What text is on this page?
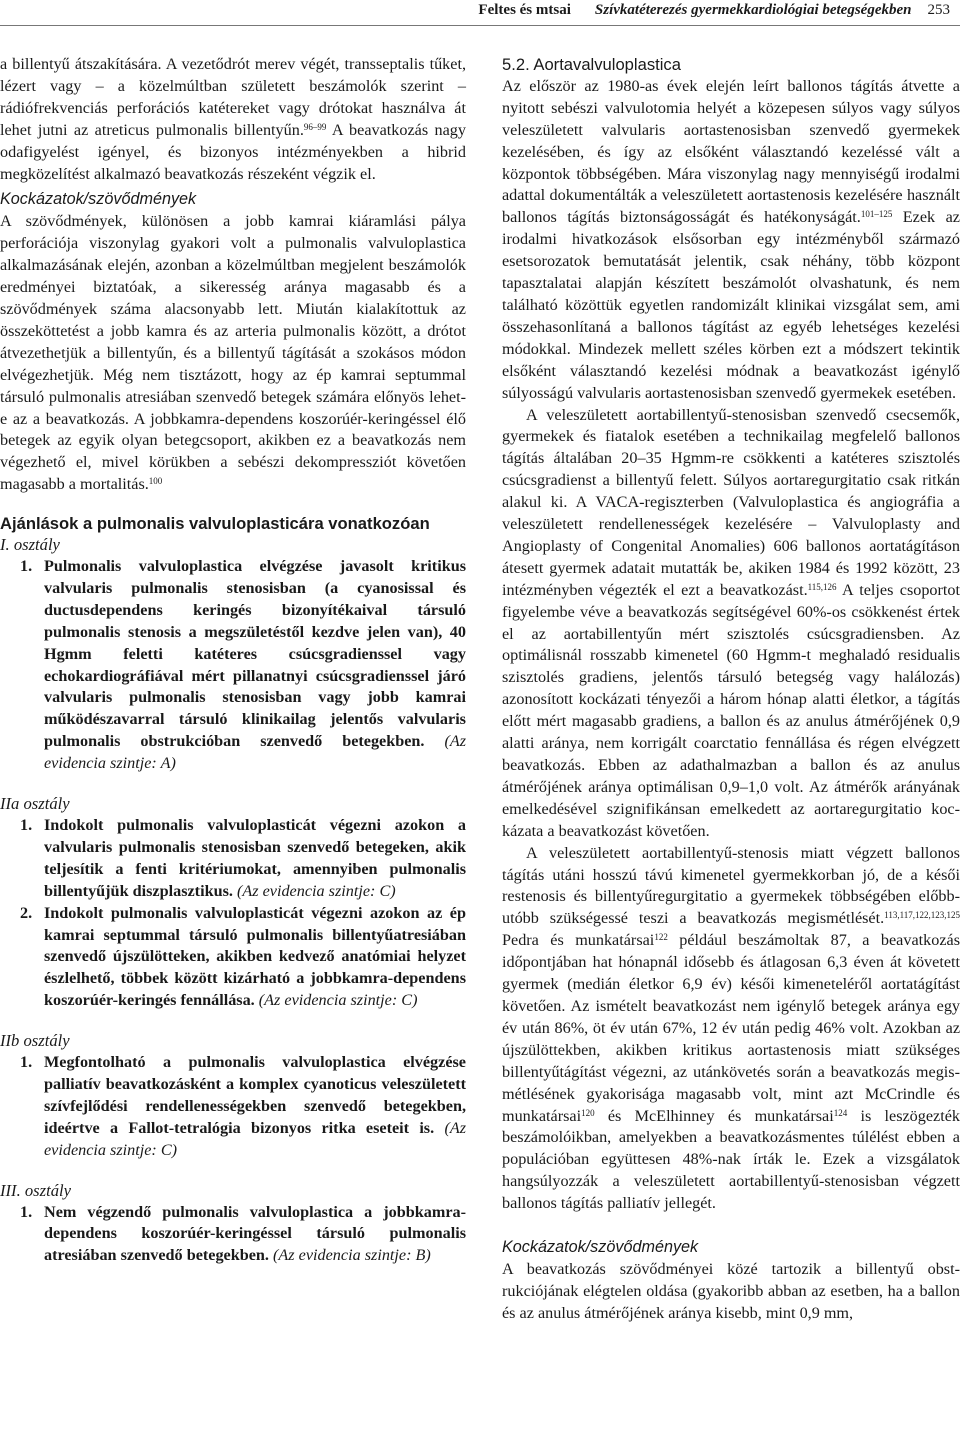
Feltes és mtsai Szívkatéterezés gyermekkardiológiai betegségekben 253

a billentyű átszakítására. A vezetődrót merev végét, transseptalis tűket, lézert vagy – a közelmúltban született beszámolók szerint – rádiófrekvenciás perforációs katétereket vagy drótokat használva át lehet jutni az atreticus pulmonalis billentyűn.$^{96-99}$ A beavatkozás nagy odafigyelést igényel, és bizonyos intézményekben a hibrid megközelítést alkalmazó beavatkozás részeként végzik el.

Kockázatok/szövődmények

A szövődmények, különösen a jobb kamrai kiáramlási pálya perforációja viszonylag gyakori volt a pulmonalis valvuloplastica alkalmazásának elején, azonban a közelmúltban megjelent beszámolók eredményei biztatóak, a sikeresség aránya magasabb és a szövődmények száma alacsonyabb lett. Miután kialakítottuk az összeköttetést a jobb kamra és az arteria pulmonalis között, a drótot átvezethetjük a billentyűn, és a billentyű tágítását a szokásos módon elvégezhetjük. Még nem tisztázott, hogy az ép kamrai septummal társuló pulmonalis atresiában szenvedő betegek számára előnyös lehet-e az a beavatkozás. A jobbkamra-dependens koszorúér-keringéssel élő betegek az egyik olyan betegcsoport, akikben ez a beavatkozás nem végezhető el, mivel körükben a sebészi dekompressziót követően magasabb a mortalitás.$^{100}$

Ajánlások a pulmonalis valvuloplasticára vonatkozóan
I. osztály
1. Pulmonalis valvuloplastica elvégzése javasolt kritikus valvularis pulmonalis stenosisban (a cyanosissal és ductusdependens keringés bizonyítékaival társuló pulmonalis stenosis a megszületéstől kezdve jelen van), 40 Hgmm feletti katéteres csúcsgradienssel vagy echokardiográfiával mért pillanatnyi csúcsgradienssel járó valvularis pulmonalis stenosisban vagy jobb kamrai működészavarral társuló klinikailag jelentős valvularis pulmonalis obstrukcióban szenvedő betegekben. (Az evidencia szintje: A)
IIa osztály
1. Indokolt pulmonalis valvuloplasticát végezni azokon a valvularis pulmonalis stenosisban szenvedő betegeken, akik teljesítik a fenti kritériumokat, amennyiben pulmonalis billentyűjük diszplasztikus. (Az evidencia szintje: C)
2. Indokolt pulmonalis valvuloplasticát végezni azokon az ép kamrai septummal társuló pulmonalis billentyűatresiában szenvedő újszülötteken, akikben kedvező anatómiai helyzet észlelhető, többek között kizárható a jobbkamra-dependens koszorúér-keringés fennállása. (Az evidencia szintje: C)
IIb osztály
1. Megfontolható a pulmonalis valvuloplastica elvégzése palliatív beavatkozásként a komplex cyanoticus veleszületett szívfejlődési rendellenességekben szenvedő betegekben, ideértve a Fallot-tetralógia bizonyos ritka eseteit is. (Az evidencia szintje: C)
III. osztály
1. Nem végzendő pulmonalis valvuloplastica a jobbkamra-dependens koszorúér-keringéssel társuló pulmonalis atresiában szenvedő betegekben. (Az evidencia szintje: B)
5.2. Aortavalvuloplastica

Az először az 1980-as évek elején leírt ballonos tágítás átvette a nyitott sebészi valvulotomia helyét a közepesen súlyos vagy súlyos veleszületett valvularis aortastenosisban szenvedő gyermekek kezelésében, és így az elsőként választandó kezeléssé vált a központok többségében. Mára viszonylag nagy mennyiségű irodalmi adattal dokumentálták a veleszületett aortastenosis kezelésére használt ballonos tágítás biztonságosságát és hatékonyságát.$^{101-125}$ Ezek az irodalmi hivatkozások elsősorban egy intézményből származó esetsorozatok bemutatását jelentik, csak néhány, több központ tapasztalatai alapján készített beszámolót olvashatunk, és nem található közöttük egyetlen randomizált klinikai vizsgálat sem, ami összehasonlítaná a ballonos tágítást az egyéb lehetséges kezelési módokkal. Mindezek mellett széles körben ezt a módszert tekintik elsőként választandó kezelési módnak a beavatkozást igénylő súlyosságú valvularis aortastenosisban szenvedő gyermekek esetében.

A veleszületett aortabillentyű-stenosisban szenvedő csecsemők, gyermekek és fiatalok esetében a technikailag megfelelő ballonos tágítás általában 20–35 Hgmm-re csökkenti a katéteres szisztolés csúcsgradienst a billentyű felett. Súlyos aortaregurgitatio csak ritkán alakul ki. A VACA-regiszterben (Valvuloplastica és angiográfia a veleszületett rendellenességek kezelésére – Valvuloplasty and Angioplasty of Congenital Anomalies) 606 ballonos aortatágításon átesett gyermek adatait mutatták be, akiken 1984 és 1992 között, 23 intézményben végezték el ezt a beavatkozást.$^{115,126}$ A teljes csoportot figyelembe véve a beavatkozás segítségével 60%-os csökkenést értek el az aortabillentyűn mért szisztolés csúcsgradiensben. Az optimálisnál rosszabb kimenetel (60 Hgmm-t meghaladó residualis szisztolés gradiens, jelentős társuló betegség vagy halálozás) azonosított kockázati tényezői a három hónap alatti életkor, a tágítás előtt mért magasabb gradiens, a ballon és az anulus átmérőjének 0,9 alatti aránya, nem korrigált coarctatio fennállása és régen elvégzett beavatkozás. Ebben az adathalmazban a ballon és az anulus átmérőjének aránya optimálisan 0,9–1,0 volt. Az átmérők arányának emelkedésével szignifikánsan emelkedett az aortaregurgitatio kockázata a beavatkozást követően.

A veleszületett aortabillentyű-stenosis miatt végzett ballonos tágítás utáni hosszú távú kimenetel gyermekkorban jó, de a késői restenosis és billentyűregurgitatio a gyermekek többségében előbb-utóbb szükségessé teszi a beavatkozás megismétlését.$^{113,117,122,123,125}$ Pedra és munkatársai$^{122}$ például beszámoltak 87, a beavatkozás időpontjában hat hónapnál idősebb és átlagosan 6,3 éven át követett gyermek (medián életkor 6,9 év) késői kimeneteléről aortatágítást követően. Az ismételt beavatkozást nem igénylő betegek aránya egy év után 86%, öt év után 67%, 12 év után pedig 46% volt. Azokban az újszülöttekben, akikben kritikus aortastenosis miatt szükséges billentyűtágítást végezni, az utánkövetés során a beavatkozás megismétlésének gyakorisága magasabb volt, mint azt McCrindle és munkatársai$^{120}$ és McElhinney és munkatársai$^{124}$ is leszögezték beszámolóikban, amelyekben a beavatkozásmentes túlélést ebben a populációban együttesen 48%-nak írták le. Ezek a vizsgálatok hangsúlyozzák a veleszületett aortabillentyű-stenosisban végzett ballonos tágítás palliatív jellegét.

Kockázatok/szövődmények

A beavatkozás szövődményei közé tartozik a billentyű obstrukciójának elégtelen oldása (gyakoribb abban az esetben, ha a ballon és az anulus átmérőjének aránya kisebb, mint 0,9 mm,
